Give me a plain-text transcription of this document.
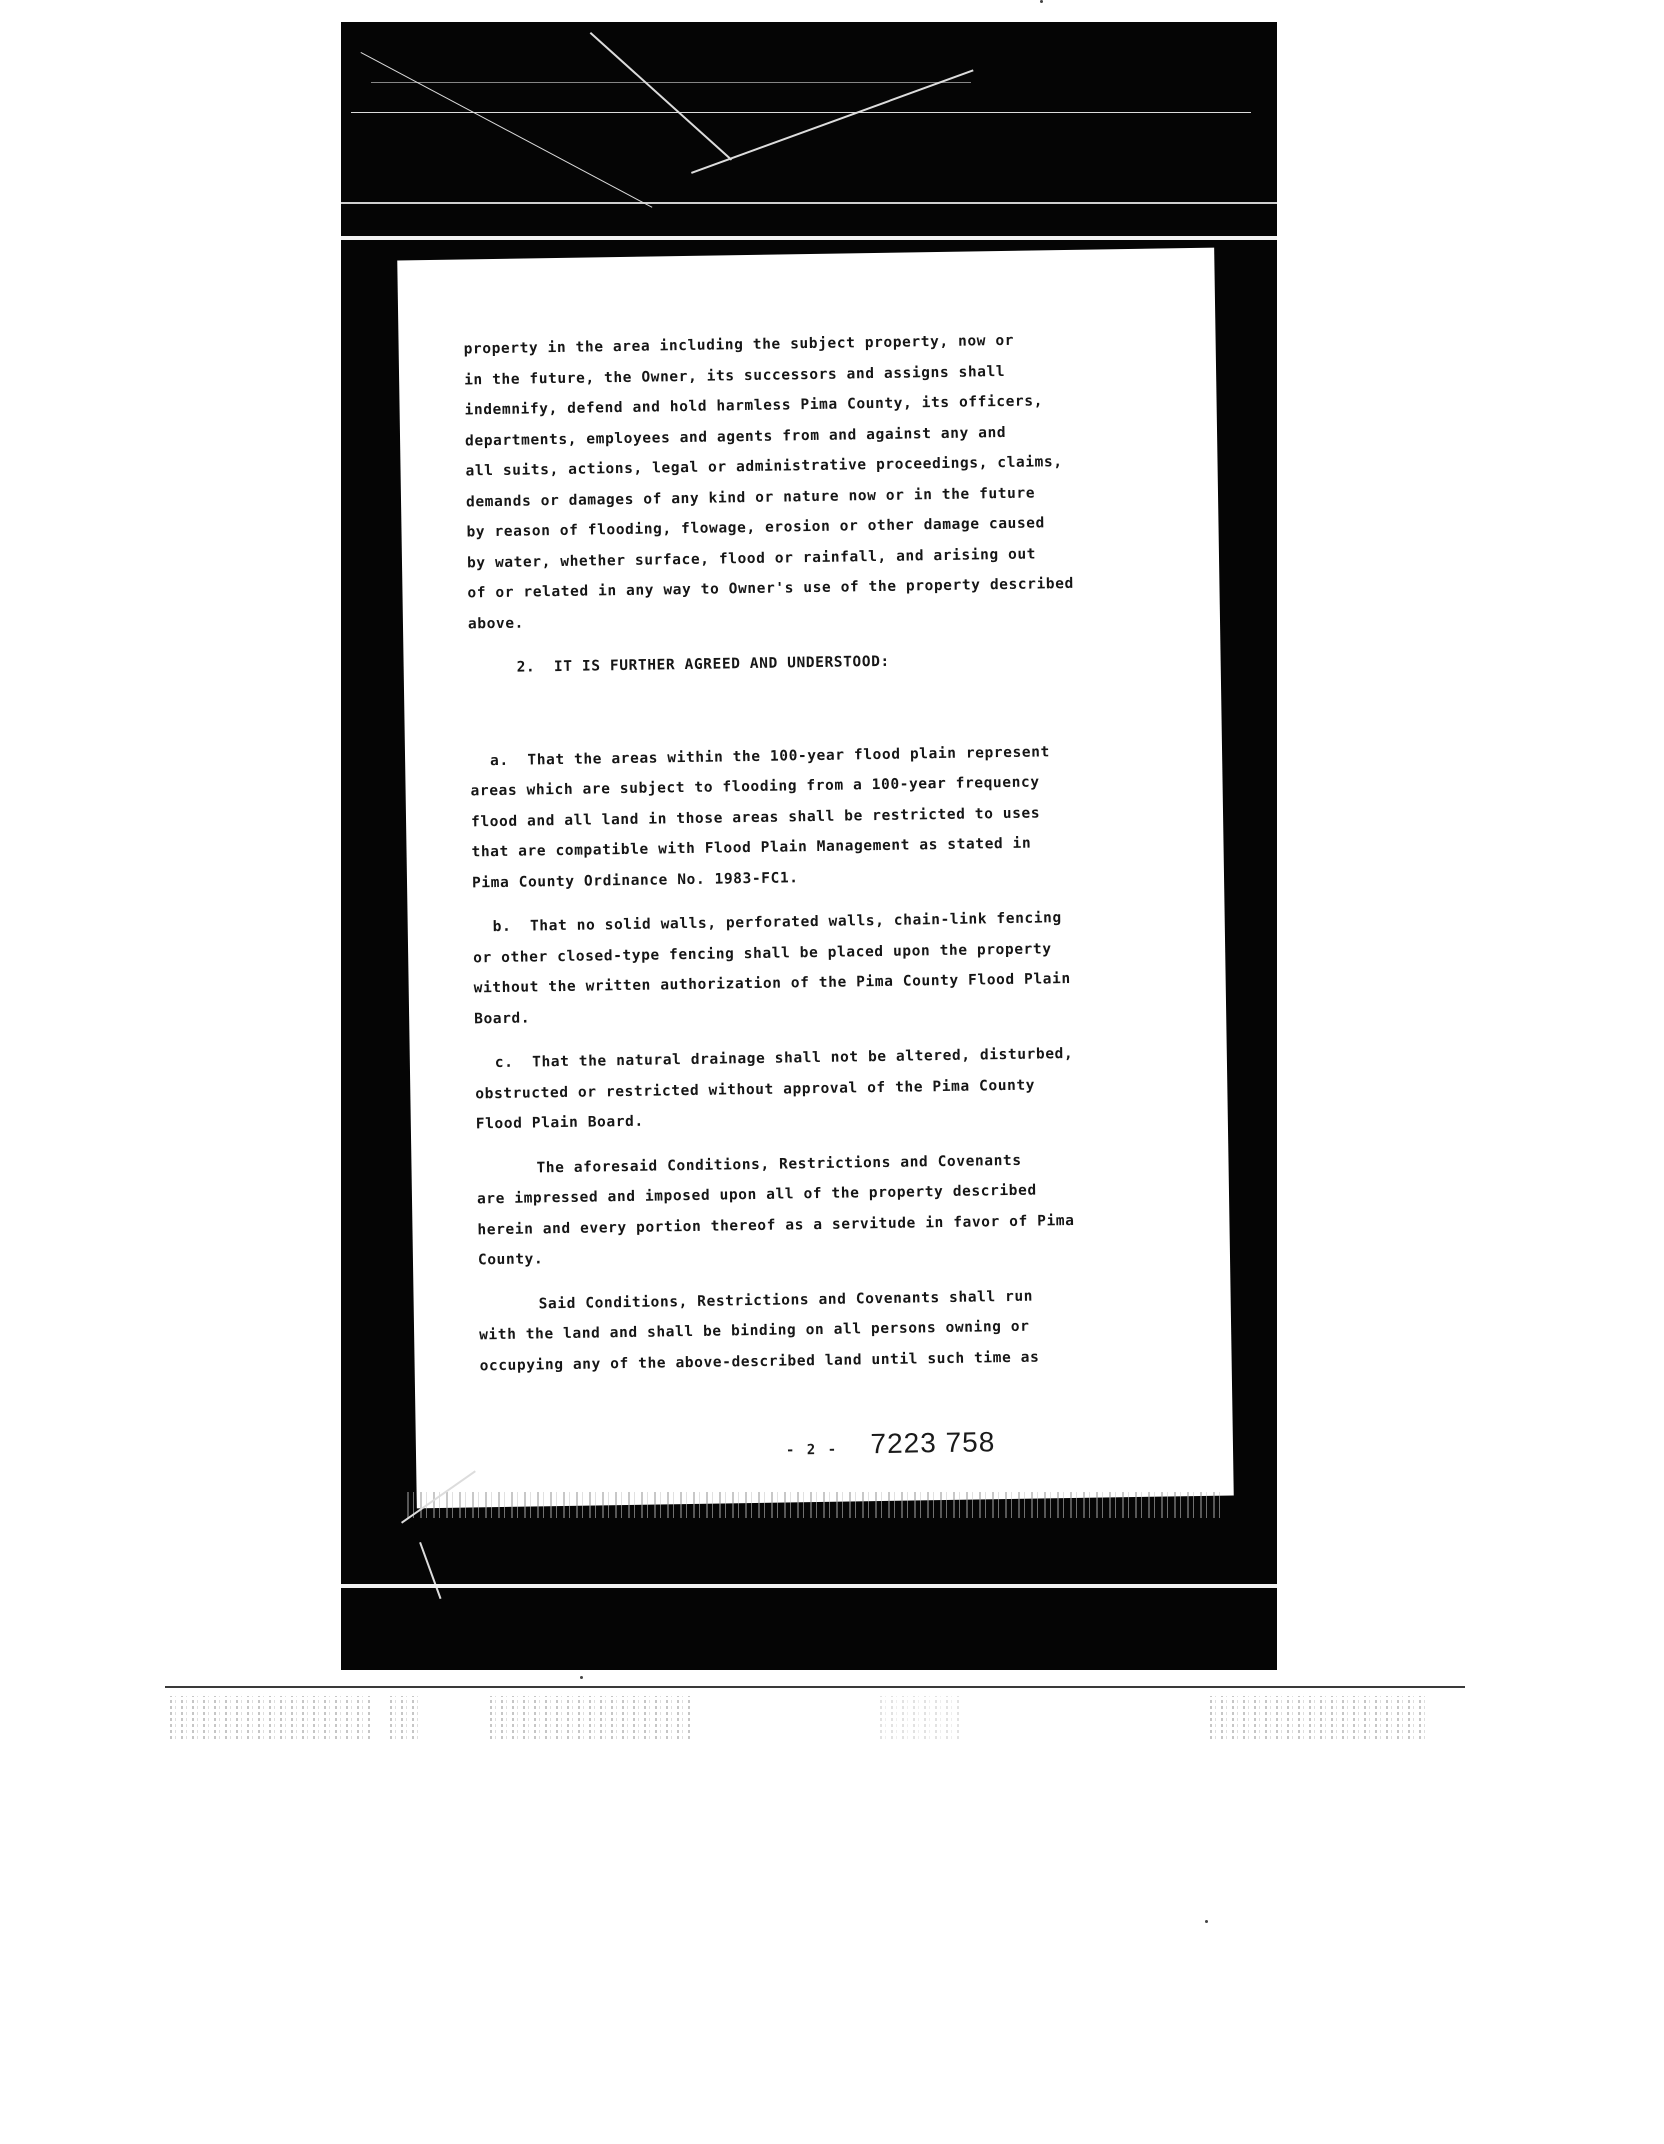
property in the area including the subject property, now or
in the future, the Owner, its successors and assigns shall
indemnify, defend and hold harmless Pima County, its officers,
departments, employees and agents from and against any and
all suits, actions, legal or administrative proceedings, claims,
demands or damages of any kind or nature now or in the future
by reason of flooding, flowage, erosion or other damage caused
by water, whether surface, flood or rainfall, and arising out
of or related in any way to Owner's use of the property described
above.

2.  IT IS FURTHER AGREED AND UNDERSTOOD:

a.  That the areas within the 100-year flood plain represent
areas which are subject to flooding from a 100-year frequency
flood and all land in those areas shall be restricted to uses
that are compatible with Flood Plain Management as stated in
Pima County Ordinance No. 1983-FC1.

b.  That no solid walls, perforated walls, chain-link fencing
or other closed-type fencing shall be placed upon the property
without the written authorization of the Pima County Flood Plain
Board.

c.  That the natural drainage shall not be altered, disturbed,
obstructed or restricted without approval of the Pima County
Flood Plain Board.

The aforesaid Conditions, Restrictions and Covenants
are impressed and imposed upon all of the property described
herein and every portion thereof as a servitude in favor of Pima
County.

Said Conditions, Restrictions and Covenants shall run
with the land and shall be binding on all persons owning or
occupying any of the above-described land until such time as

- 2 - 7223 758
